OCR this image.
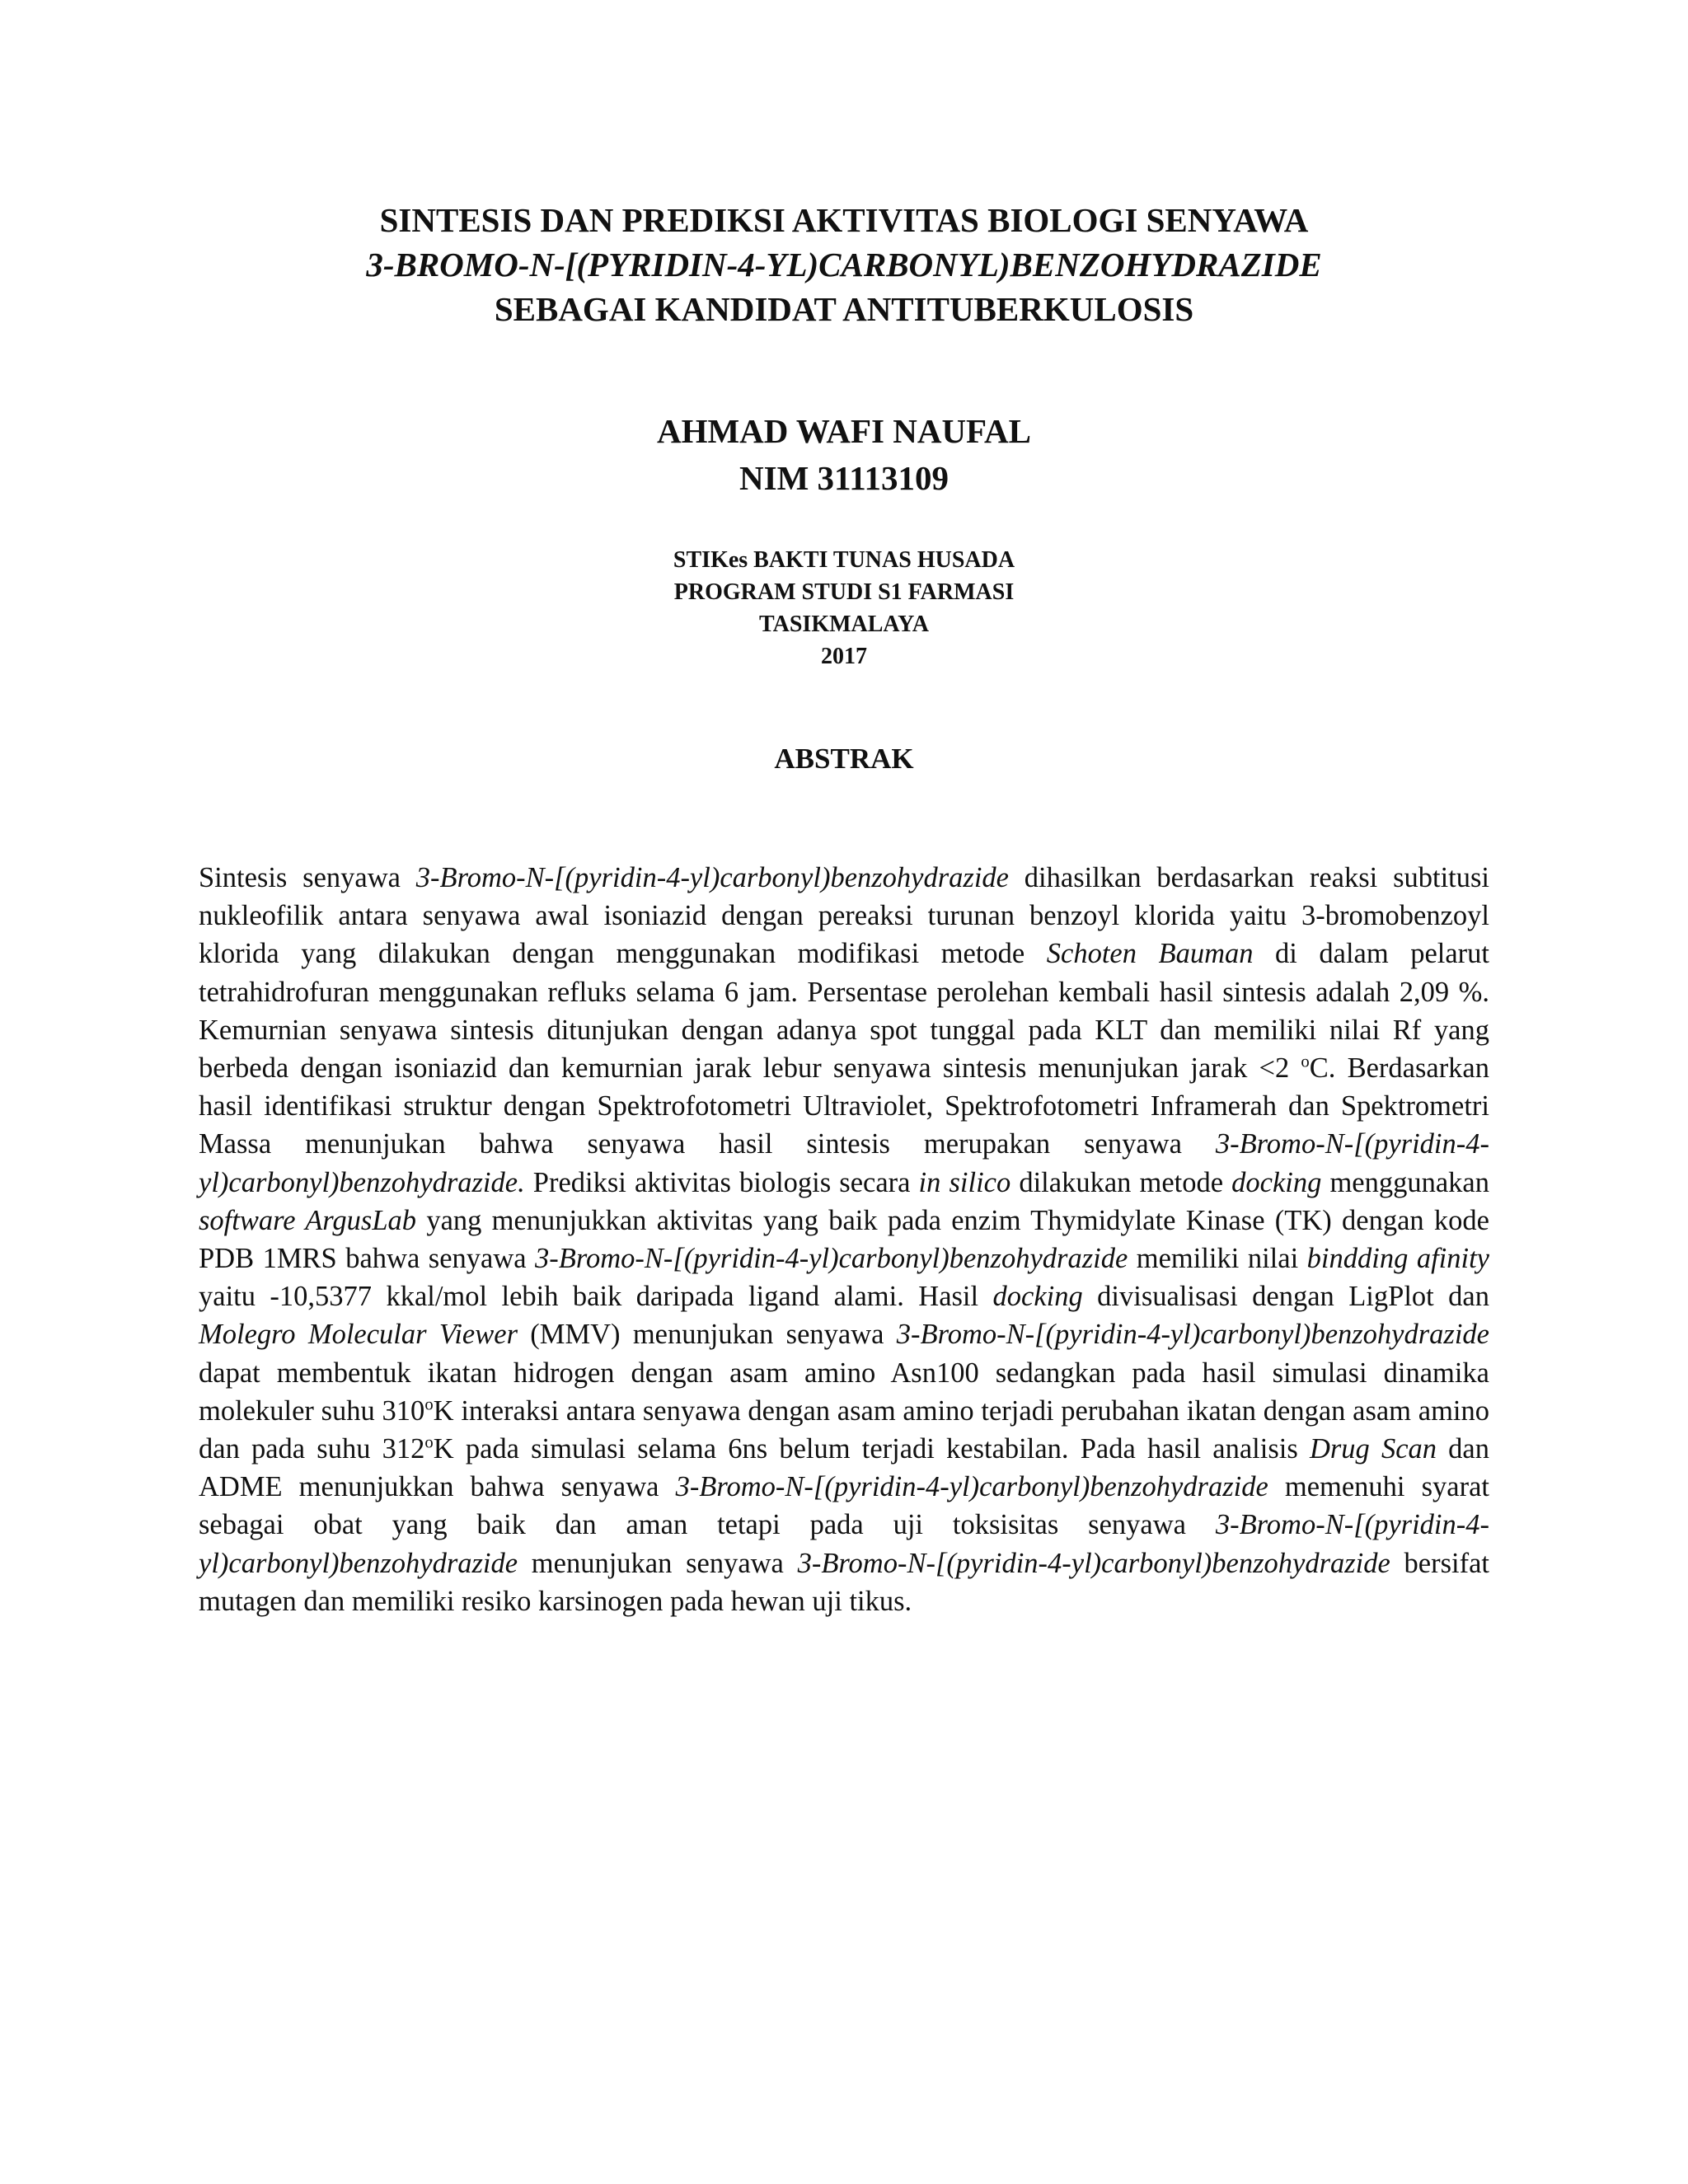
SINTESIS DAN PREDIKSI AKTIVITAS BIOLOGI SENYAWA
3-BROMO-N-[(PYRIDIN-4-YL)CARBONYL)BENZOHYDRAZIDE
SEBAGAI KANDIDAT ANTITUBERKULOSIS
AHMAD WAFI NAUFAL
NIM 31113109
STIKes BAKTI TUNAS HUSADA
PROGRAM STUDI S1 FARMASI
TASIKMALAYA
2017
ABSTRAK

Sintesis senyawa 3-Bromo-N-[(pyridin-4-yl)carbonyl)benzohydrazide dihasilkan berdasarkan reaksi subtitusi nukleofilik antara senyawa awal isoniazid dengan pereaksi turunan benzoyl klorida yaitu 3-bromobenzoyl klorida yang dilakukan dengan menggunakan modifikasi metode Schoten Bauman di dalam pelarut tetrahidrofuran menggunakan refluks selama 6 jam. Persentase perolehan kembali hasil sintesis adalah 2,09 %. Kemurnian senyawa sintesis ditunjukan dengan adanya spot tunggal pada KLT dan memiliki nilai Rf yang berbeda dengan isoniazid dan kemurnian jarak lebur senyawa sintesis menunjukan jarak <2 $^o$C. Berdasarkan hasil identifikasi struktur dengan Spektrofotometri Ultraviolet, Spektrofotometri Inframerah dan Spektrometri Massa menunjukan bahwa senyawa hasil sintesis merupakan senyawa 3-Bromo-N-[(pyridin-4-yl)carbonyl)benzohydrazide. Prediksi aktivitas biologis secara in silico dilakukan metode docking menggunakan software ArgusLab yang menunjukkan aktivitas yang baik pada enzim Thymidylate Kinase (TK) dengan kode PDB 1MRS bahwa senyawa 3-Bromo-N-[(pyridin-4-yl)carbonyl)benzohydrazide memiliki nilai bindding afinity yaitu -10,5377 kkal/mol lebih baik daripada ligand alami. Hasil docking divisualisasi dengan LigPlot dan Molegro Molecular Viewer (MMV) menunjukan senyawa 3-Bromo-N-[(pyridin-4-yl)carbonyl)benzohydrazide dapat membentuk ikatan hidrogen dengan asam amino Asn100 sedangkan pada hasil simulasi dinamika molekuler suhu 310$^o$K interaksi antara senyawa dengan asam amino terjadi perubahan ikatan dengan asam amino dan pada suhu 312$^o$K pada simulasi selama 6ns belum terjadi kestabilan. Pada hasil analisis Drug Scan dan ADME menunjukkan bahwa senyawa 3-Bromo-N-[(pyridin-4-yl)carbonyl)benzohydrazide memenuhi syarat sebagai obat yang baik dan aman tetapi pada uji toksisitas senyawa 3-Bromo-N-[(pyridin-4-yl)carbonyl)benzohydrazide menunjukan senyawa 3-Bromo-N-[(pyridin-4-yl)carbonyl)benzohydrazide bersifat mutagen dan memiliki resiko karsinogen pada hewan uji tikus.
